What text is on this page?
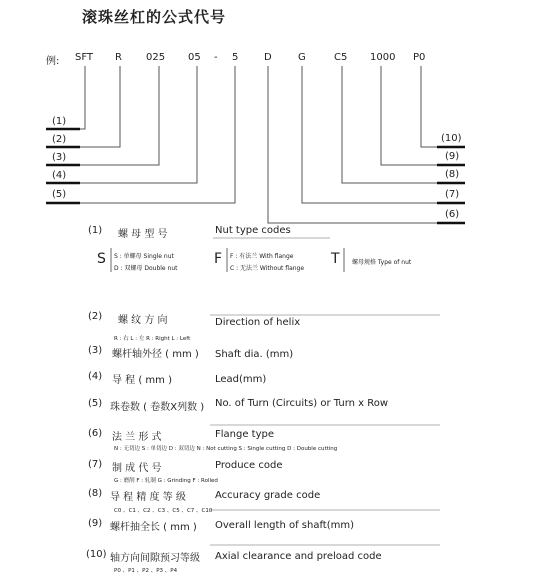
滚珠丝杠的公式代号
例: SFT R 025 05 - 5	D	G	C5 1000 P0
(1)
(2)
(3)
(4)
(5)
(10)
(9)
(8)
(7)
(6)
(1) 螺 母 型 号	Nut type codes
S S : 单螺母 Single nut
D : 双螺母 Double nut
F F : 有法兰 With flange
C : 无法兰 Without flange
T 螺母规格 Type of nut
(2) 螺 纹 方 向	Direction of helix
R : 右 L : 左 R : Right L : Left
(3) 螺杆轴外径 ( mm ) Shaft dia. (mm)
(4) 导 程 ( mm )	Lead(mm)
(5) 珠卷数 ( 卷数X列数 ) No. of Turn (Circuits) or Turn x Row
(6) 法 兰 形 式	Flange type
N : 无切边 S : 单切边 D : 双切边 N : Not cutting S : Single cutting D : Double cutting
(7) 制 成 代 号	Produce code
G : 磨削 F : 轧制 G : Grinding F : Rolled
(8) 导 程 精 度 等 级	Accuracy grade code
C0 、C1 、C2 、C3 、C5 、C7 、C10
(9) 螺杆抽全长 ( mm ) Overall length of shaft(mm)
(10) 轴方向间隙预习等级 Axial clearance and preload code
P0 、P1 、P2 、P3 、P4
